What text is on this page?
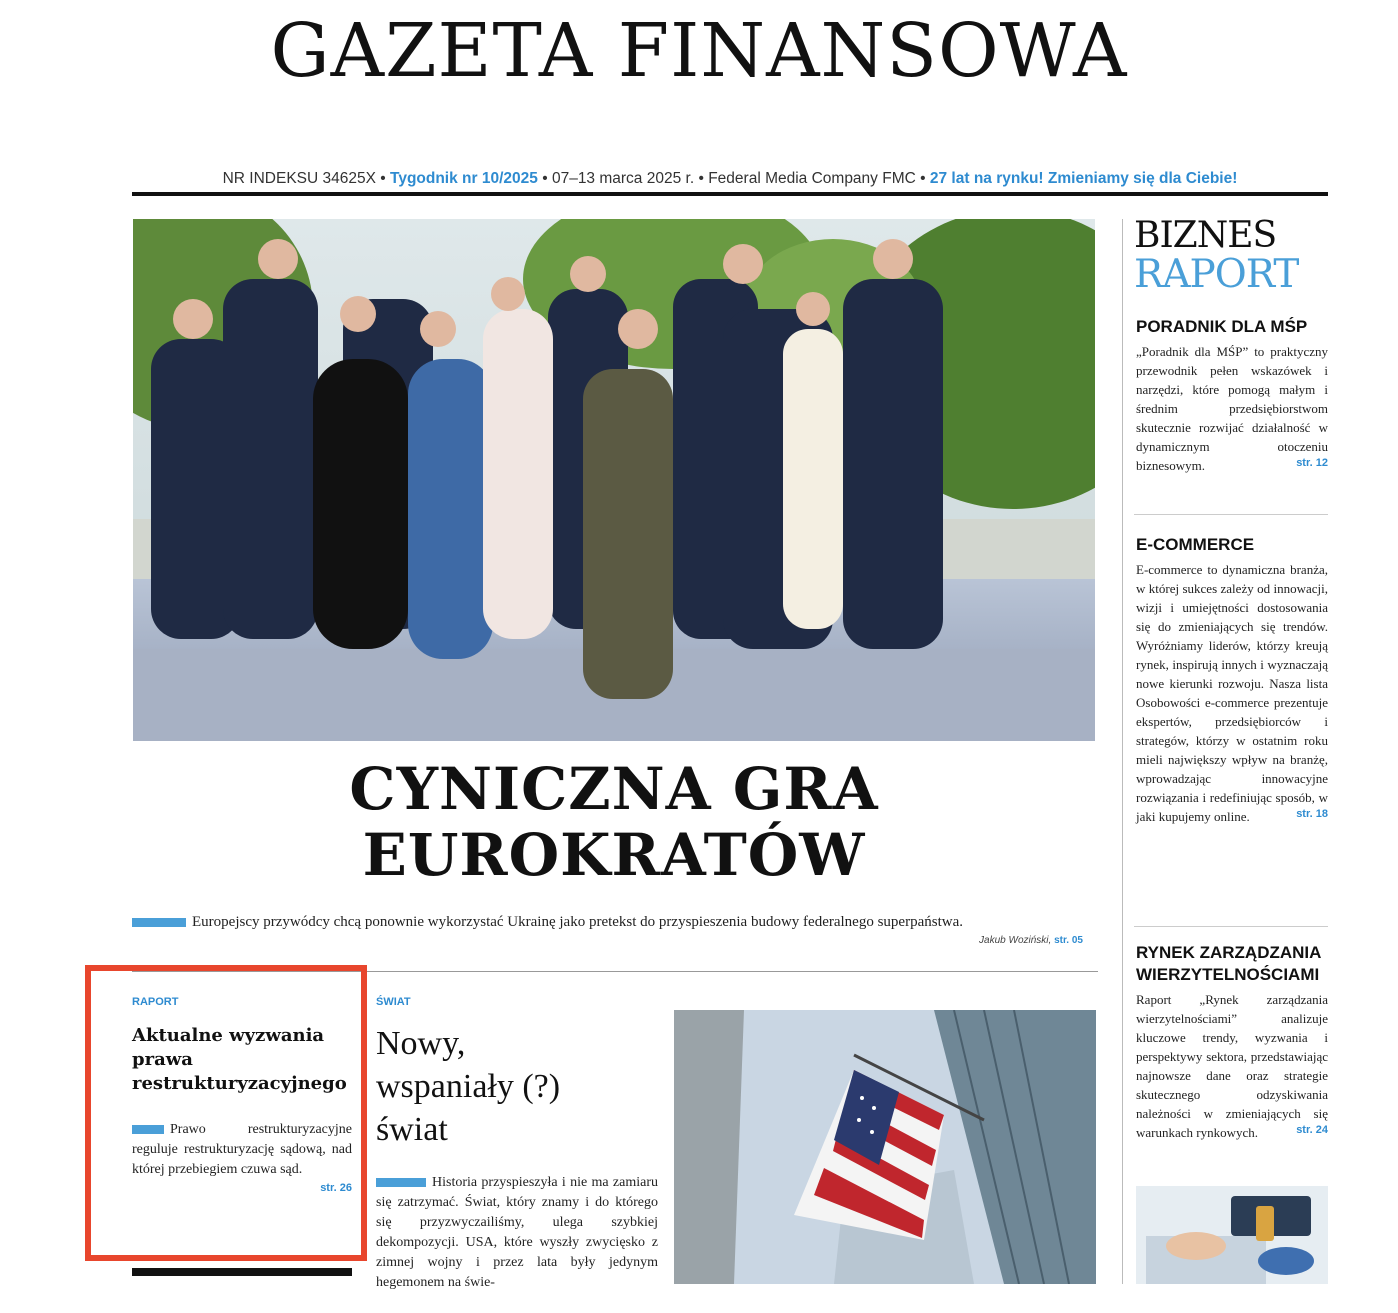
GAZETA FINANSOWA
NR INDEKSU 34625X • Tygodnik nr 10/2025 • 07–13 marca 2025 r. • Federal Media Company FMC • 27 lat na rynku! Zmieniamy się dla Ciebie!
CYNICZNA GRA
EUROKRATÓW
Europejscy przywódcy chcą ponownie wykorzystać Ukrainę jako pretekst do przyspieszenia budowy federalnego superpaństwa.
Jakub Woziński, str. 05
RAPORT
Aktualne wyzwania prawa restrukturyzacyjnego
Prawo restrukturyzacyjne reguluje restrukturyzację sądową, nad której przebiegiem czuwa sąd.
str. 26
ŚWIAT
Nowy, wspaniały (?) świat
Historia przyspieszyła i nie ma zamiaru się zatrzymać. Świat, który znamy i do którego się przyzwyczailiśmy, ulega szybkiej dekompozycji. USA, które wyszły zwycięsko z zimnej wojny i przez lata były jedynym hegemonem na świe-
BIZNES
RAPORT
PORADNIK DLA MŚP
„Poradnik dla MŚP” to praktyczny przewodnik pełen wskazówek i narzędzi, które pomogą małym i średnim przedsiębiorstwom skutecznie rozwijać działalność w dynamicznym otoczeniu biznesowym.	str. 12
E-COMMERCE
E-commerce to dynamiczna branża, w której sukces zależy od innowacji, wizji i umiejętności dostosowania się do zmieniających się trendów. Wyróżniamy liderów, którzy kreują rynek, inspirują innych i wyznaczają nowe kierunki rozwoju. Nasza lista Osobowości e-commerce prezentuje ekspertów, przedsiębiorców i strategów, którzy w ostatnim roku mieli największy wpływ na branżę, wprowadzając innowacyjne rozwiązania i redefiniując sposób, w jaki kupujemy online.	str. 18
RYNEK ZARZĄDZANIA WIERZYTELNOŚCIAMI
Raport „Rynek zarządzania wierzytelnościami” analizuje kluczowe trendy, wyzwania i perspektywy sektora, przedstawiając najnowsze dane oraz strategie skutecznego odzyskiwania należności w zmieniających się warunkach rynkowych.	str. 24
